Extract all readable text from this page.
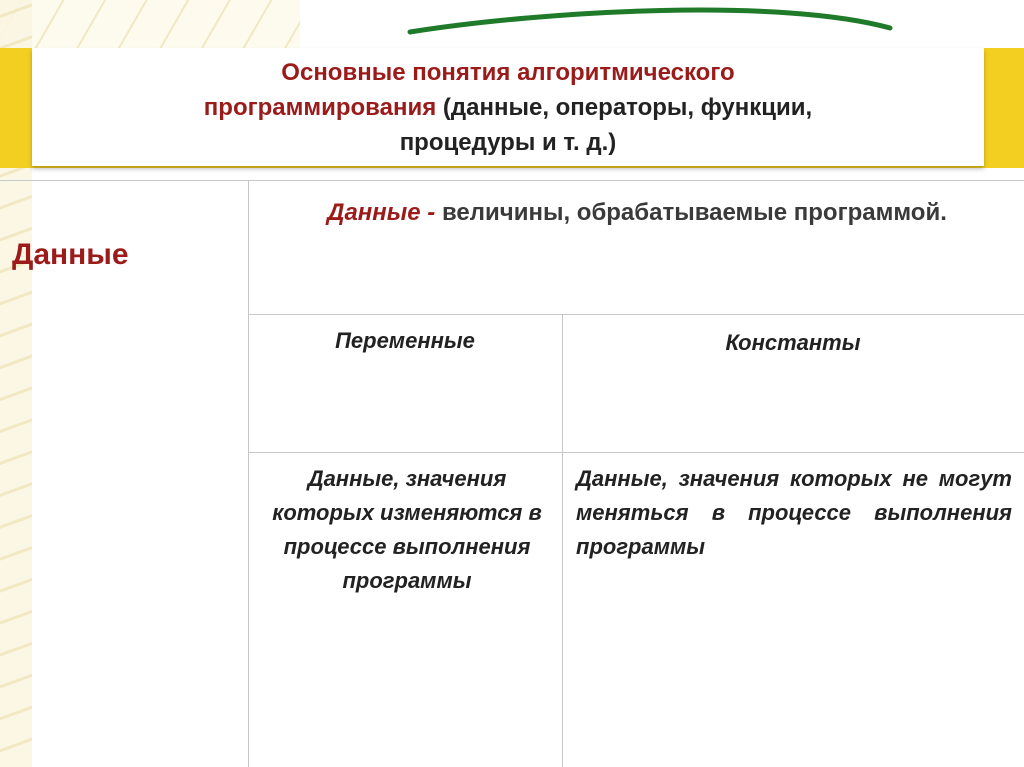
Основные понятия алгоритмического
программирования (данные, операторы, функции,
процедуры и т. д.)
Данные
Данные - величины, обрабатываемые программой.
Переменные	Константы
Данные, значения которых изменяются в процессе выполнения программы
Данные, значения которых не могут меняться в процессе выполнения программы
